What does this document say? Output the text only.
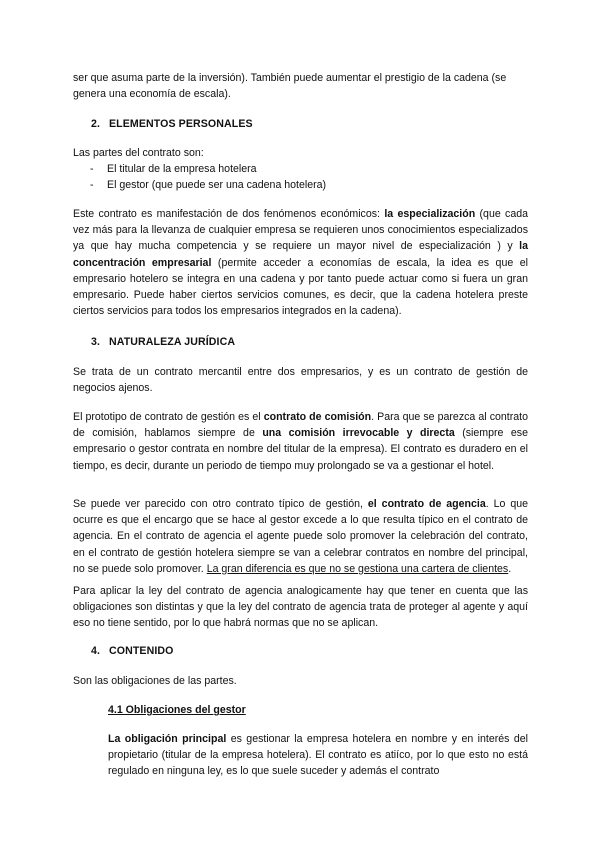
ser que asuma parte de la inversión). También puede aumentar el prestigio de la cadena (se
genera una economía de escala).
2. ELEMENTOS PERSONALES
Las partes del contrato son:
-	El titular de la empresa hotelera
-	El gestor (que puede ser una cadena hotelera)
Este contrato es manifestación de dos fenómenos económicos: la especialización (que cada vez más para la llevanza de cualquier empresa se requieren unos conocimientos especializados ya que hay mucha competencia y se requiere un mayor nivel de especialización ) y la concentración empresarial (permite acceder a economías de escala, la idea es que el empresario hotelero se integra en una cadena y por tanto puede actuar como si fuera un gran empresario. Puede haber ciertos servicios comunes, es decir, que la cadena hotelera preste ciertos servicios para todos los empresarios integrados en la cadena).
3. NATURALEZA JURÍDICA
Se trata de un contrato mercantil entre dos empresarios, y es un contrato de gestión de negocios ajenos.
El prototipo de contrato de gestión es el contrato de comisión. Para que se parezca al contrato de comisión, hablamos siempre de una comisión irrevocable y directa (siempre ese empresario o gestor contrata en nombre del titular de la empresa). El contrato es duradero en el tiempo, es decir, durante un periodo de tiempo muy prolongado se va a gestionar el hotel.
Se puede ver parecido con otro contrato típico de gestión, el contrato de agencia. Lo que ocurre es que el encargo que se hace al gestor excede a lo que resulta típico en el contrato de agencia. En el contrato de agencia el agente puede solo promover la celebración del contrato, en el contrato de gestión hotelera siempre se van a celebrar contratos en nombre del principal, no se puede solo promover. La gran diferencia es que no se gestiona una cartera de clientes.
Para aplicar la ley del contrato de agencia analogicamente hay que tener en cuenta que las obligaciones son distintas y que la ley del contrato de agencia trata de proteger al agente y aquí eso no tiene sentido, por lo que habrá normas que no se aplican.
4. CONTENIDO
Son las obligaciones de las partes.
4.1 Obligaciones del gestor
La obligación principal es gestionar la empresa hotelera en nombre y en interés del propietario (titular de la empresa hotelera). El contrato es atiíco, por lo que esto no está regulado en ninguna ley, es lo que suele suceder y además el contrato
